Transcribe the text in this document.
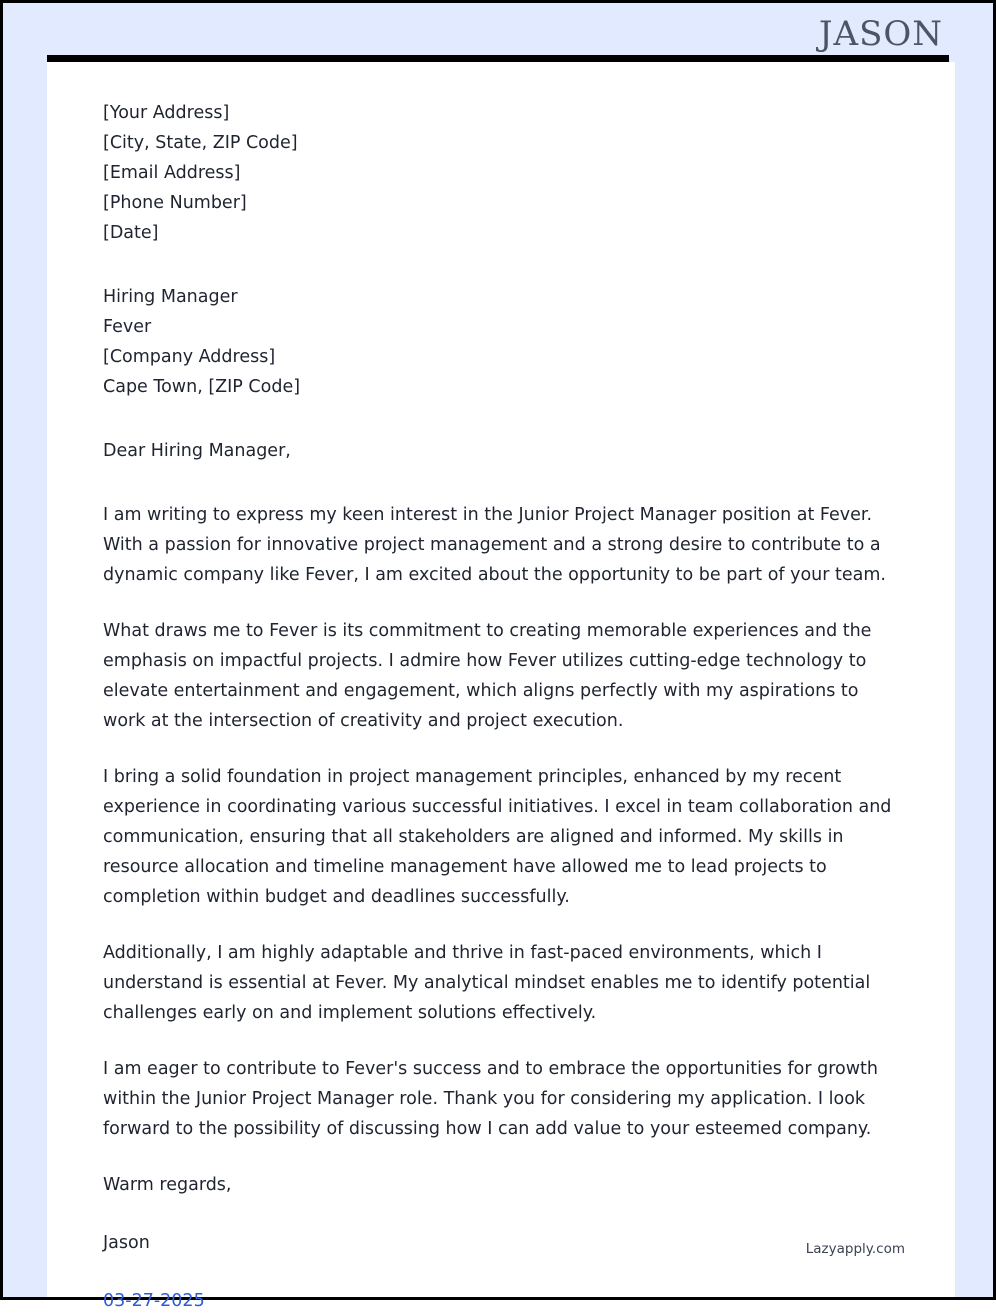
JASON
[Your Address]
[City, State, ZIP Code]
[Email Address]
[Phone Number]
[Date]
Hiring Manager
Fever
[Company Address]
Cape Town, [ZIP Code]
Dear Hiring Manager,

I am writing to express my keen interest in the Junior Project Manager position at Fever. With a passion for innovative project management and a strong desire to contribute to a dynamic company like Fever, I am excited about the opportunity to be part of your team.

What draws me to Fever is its commitment to creating memorable experiences and the emphasis on impactful projects. I admire how Fever utilizes cutting-edge technology to elevate entertainment and engagement, which aligns perfectly with my aspirations to work at the intersection of creativity and project execution.

I bring a solid foundation in project management principles, enhanced by my recent experience in coordinating various successful initiatives. I excel in team collaboration and communication, ensuring that all stakeholders are aligned and informed. My skills in resource allocation and timeline management have allowed me to lead projects to completion within budget and deadlines successfully.

Additionally, I am highly adaptable and thrive in fast-paced environments, which I understand is essential at Fever. My analytical mindset enables me to identify potential challenges early on and implement solutions effectively.

I am eager to contribute to Fever's success and to embrace the opportunities for growth within the Junior Project Manager role. Thank you for considering my application. I look forward to the possibility of discussing how I can add value to your esteemed company.

Warm regards,
Jason
03-27-2025
Lazyapply.com
